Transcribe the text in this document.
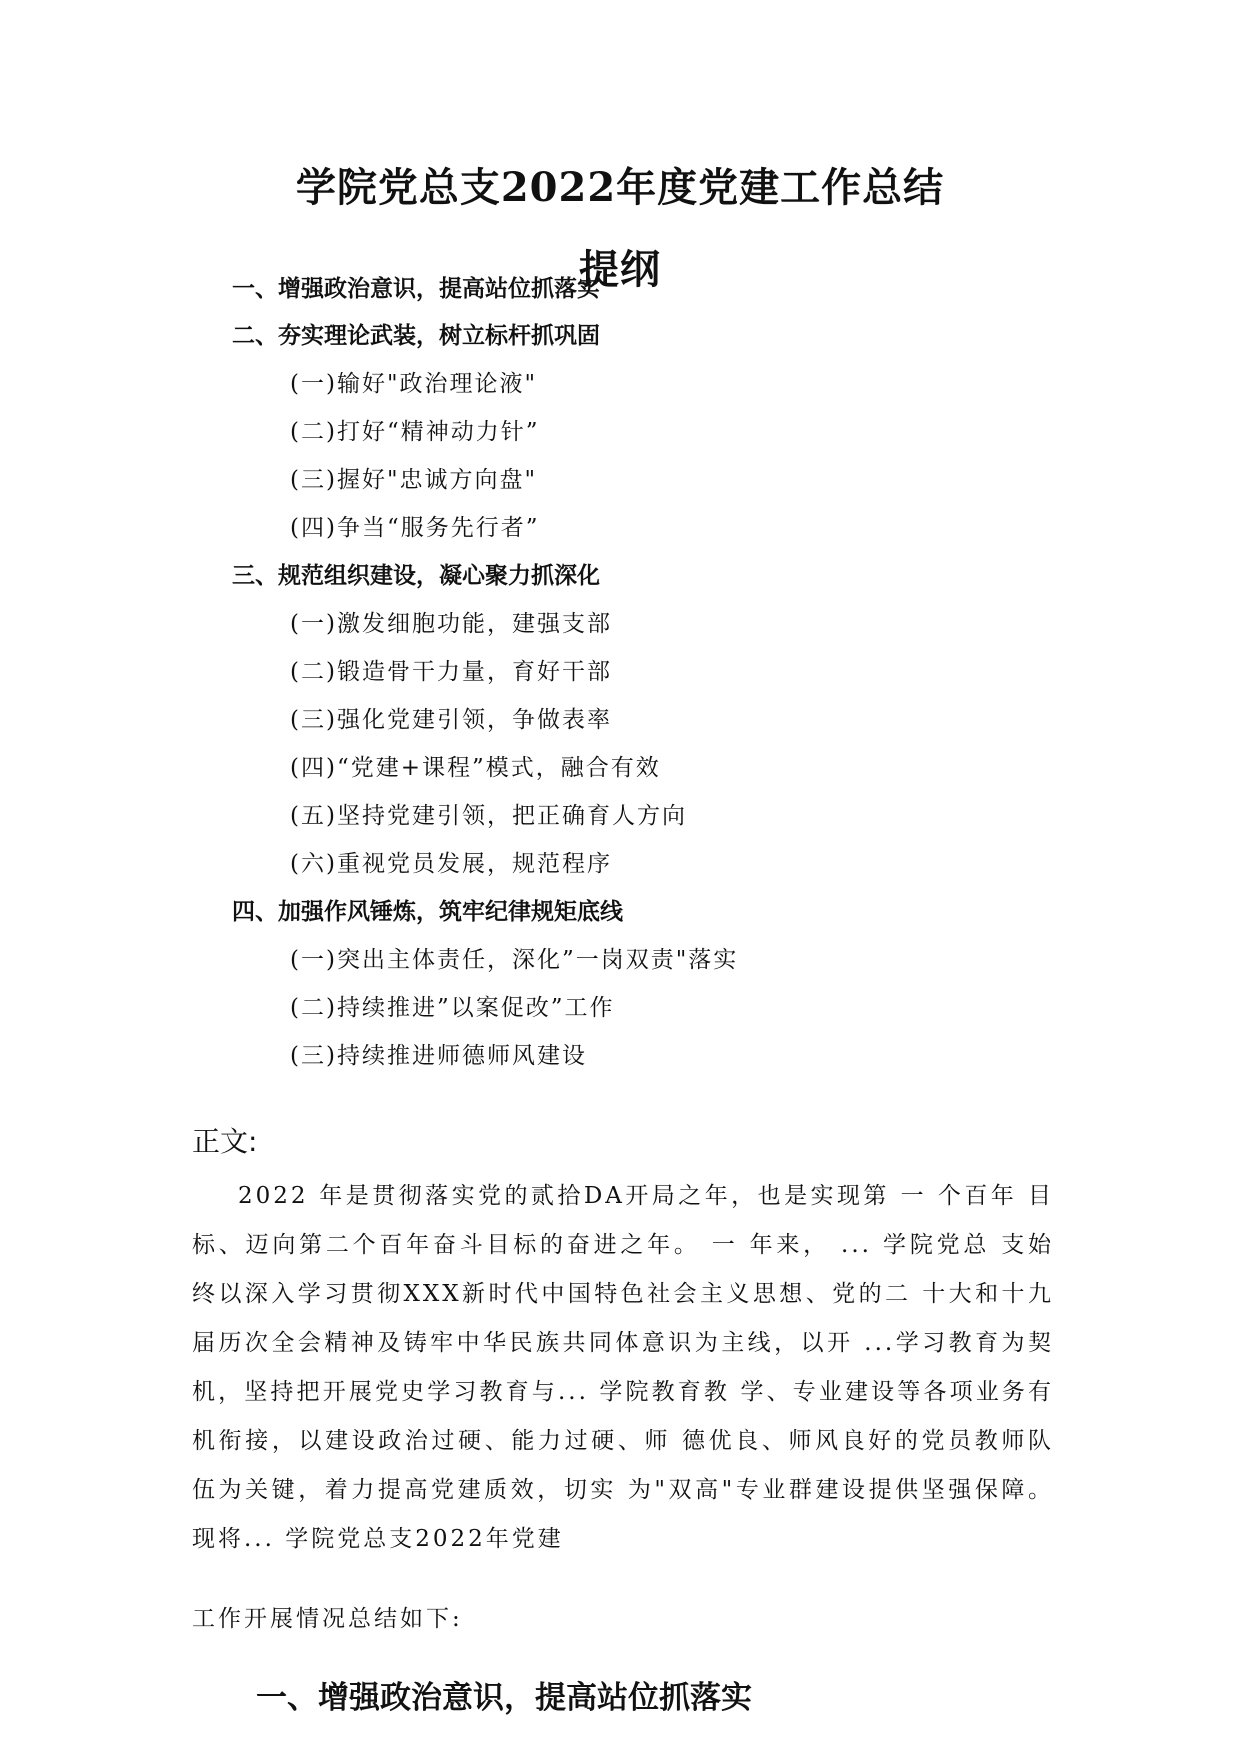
学院党总支2022年度党建工作总结
提纲

一、增强政治意识，提高站位抓落实

二、夯实理论武装，树立标杆抓巩固

(一)输好"政治理论液"

(二)打好“精神动力针”

(三)握好"忠诚方向盘"

(四)争当“服务先行者”

三、规范组织建设，凝心聚力抓深化

(一)激发细胞功能，建强支部

(二)锻造骨干力量，育好干部

(三)强化党建引领，争做表率

(四)“党建+课程”模式，融合有效

(五)坚持党建引领，把正确育人方向

(六)重视党员发展，规范程序

四、加强作风锤炼，筑牢纪律规矩底线

(一)突出主体责任，深化”一岗双责"落实

(二)持续推进”以案促改”工作

(三)持续推进师德师风建设

正文:

2022 年是贯彻落实党的贰拾DA开局之年，也是实现第 一 个百年 目标、迈向第二个百年奋斗目标的奋进之年。 一 年来， ... 学院党总 支始终以深入学习贯彻XXX新时代中国特色社会主义思想、党的二 十大和十九届历次全会精神及铸牢中华民族共同体意识为主线，以开 ...学习教育为契机，坚持把开展党史学习教育与... 学院教育教 学、专业建设等各项业务有机衔接，以建设政治过硬、能力过硬、师 德优良、师风良好的党员教师队伍为关键，着力提高党建质效，切实 为"双高"专业群建设提供坚强保障。现将... 学院党总支2022年党建

工作开展情况总结如下:

一、增强政治意识，提高站位抓落实
